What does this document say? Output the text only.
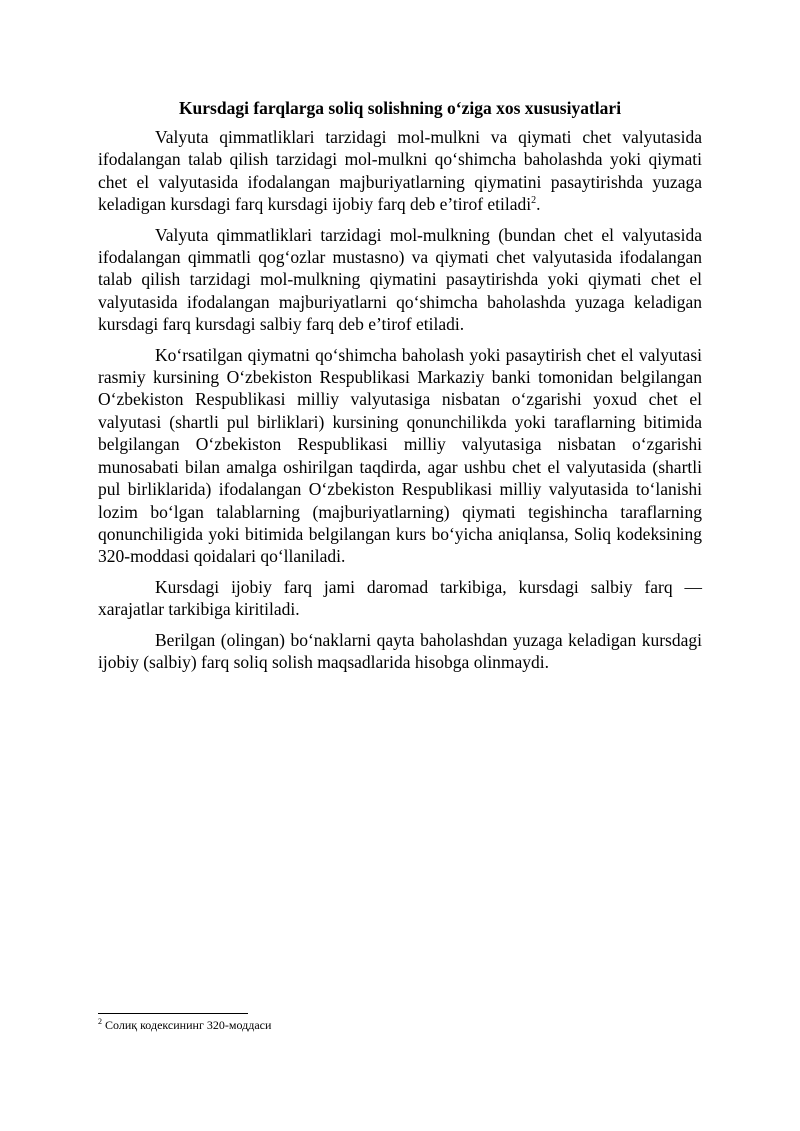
Kursdagi farqlarga soliq solishning o‘ziga xos xususiyatlari

Valyuta qimmatliklari tarzidagi mol-mulkni va qiymati chet valyutasida ifodalangan talab qilish tarzidagi mol-mulkni qo‘shimcha baholashda yoki qiymati chet el valyutasida ifodalangan majburiyatlarning qiymatini pasaytirishda yuzaga keladigan kursdagi farq kursdagi ijobiy farq deb e’tirof etiladi$^2$.

Valyuta qimmatliklari tarzidagi mol-mulkning (bundan chet el valyutasida ifodalangan qimmatli qog‘ozlar mustasno) va qiymati chet valyutasida ifodalangan talab qilish tarzidagi mol-mulkning qiymatini pasaytirishda yoki qiymati chet el valyutasida ifodalangan majburiyatlarni qo‘shimcha baholashda yuzaga keladigan kursdagi farq kursdagi salbiy farq deb e’tirof etiladi.

Ko‘rsatilgan qiymatni qo‘shimcha baholash yoki pasaytirish chet el valyutasi rasmiy kursining O‘zbekiston Respublikasi Markaziy banki tomonidan belgilangan O‘zbekiston Respublikasi milliy valyutasiga nisbatan o‘zgarishi yoxud chet el valyutasi (shartli pul birliklari) kursining qonunchilikda yoki taraflarning bitimida belgilangan O‘zbekiston Respublikasi milliy valyutasiga nisbatan o‘zgarishi munosabati bilan amalga oshirilgan taqdirda, agar ushbu chet el valyutasida (shartli pul birliklarida) ifodalangan O‘zbekiston Respublikasi milliy valyutasida to‘lanishi lozim bo‘lgan talablarning (majburiyatlarning) qiymati tegishincha taraflarning qonunchiligida yoki bitimida belgilangan kurs bo‘yicha aniqlansa, Soliq kodeksining 320-moddasi qoidalari qo‘llaniladi.

Kursdagi ijobiy farq jami daromad tarkibiga, kursdagi salbiy farq — xarajatlar tarkibiga kiritiladi.

Berilgan (olingan) bo‘naklarni qayta baholashdan yuzaga keladigan kursdagi ijobiy (salbiy) farq soliq solish maqsadlarida hisobga olinmaydi.

$^2$ Солиқ кодексининг 320-моддаси
